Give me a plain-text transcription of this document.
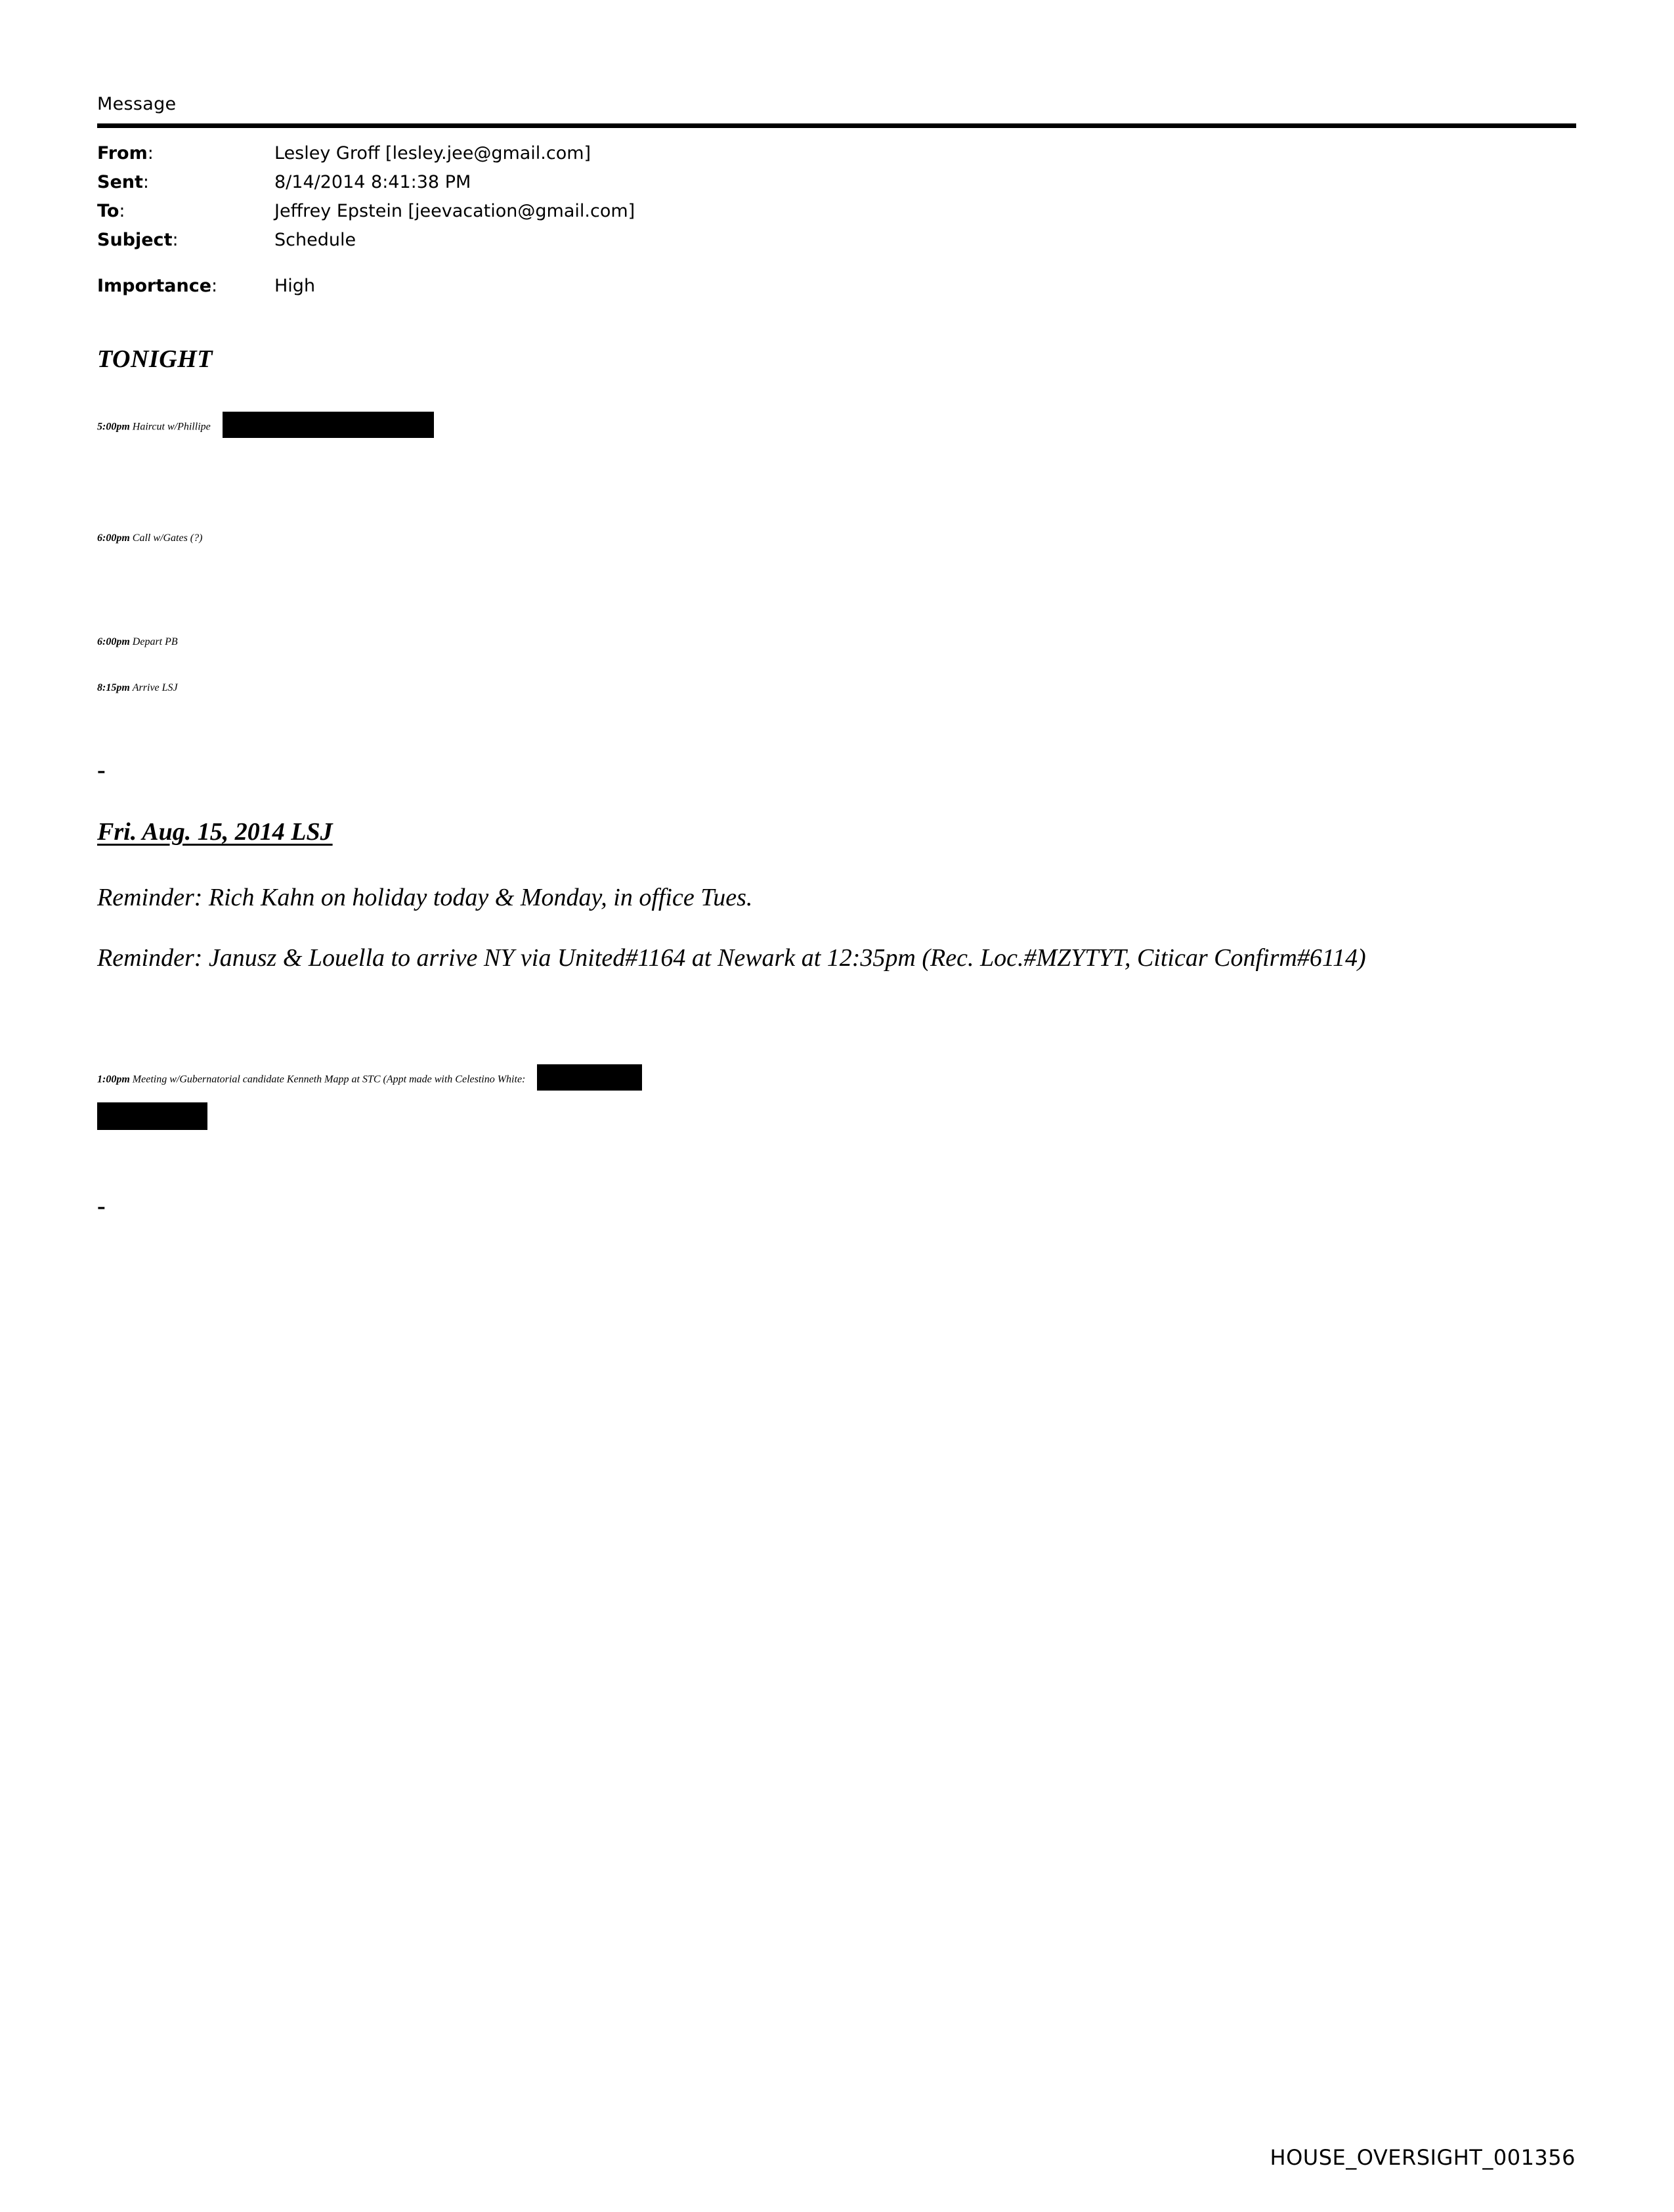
Message
From:	Lesley Groff [lesley.jee@gmail.com]
Sent:	8/14/2014 8:41:38 PM
To:	Jeffrey Epstein [jeevacation@gmail.com]
Subject:	Schedule
Importance:	High
TONIGHT
5:00pm Haircut w/Phillipe
6:00pm Call w/Gates (?)
6:00pm Depart PB
8:15pm Arrive LSJ
-
Fri. Aug. 15, 2014 LSJ
Reminder: Rich Kahn on holiday today & Monday, in office Tues.
Reminder: Janusz & Louella to arrive NY via United#1164 at Newark at 12:35pm (Rec. Loc.#MZYTYT, Citicar Confirm#6114)
1:00pm Meeting w/Gubernatorial candidate Kenneth Mapp at STC (Appt made with Celestino White:
-
HOUSE_OVERSIGHT_001356
